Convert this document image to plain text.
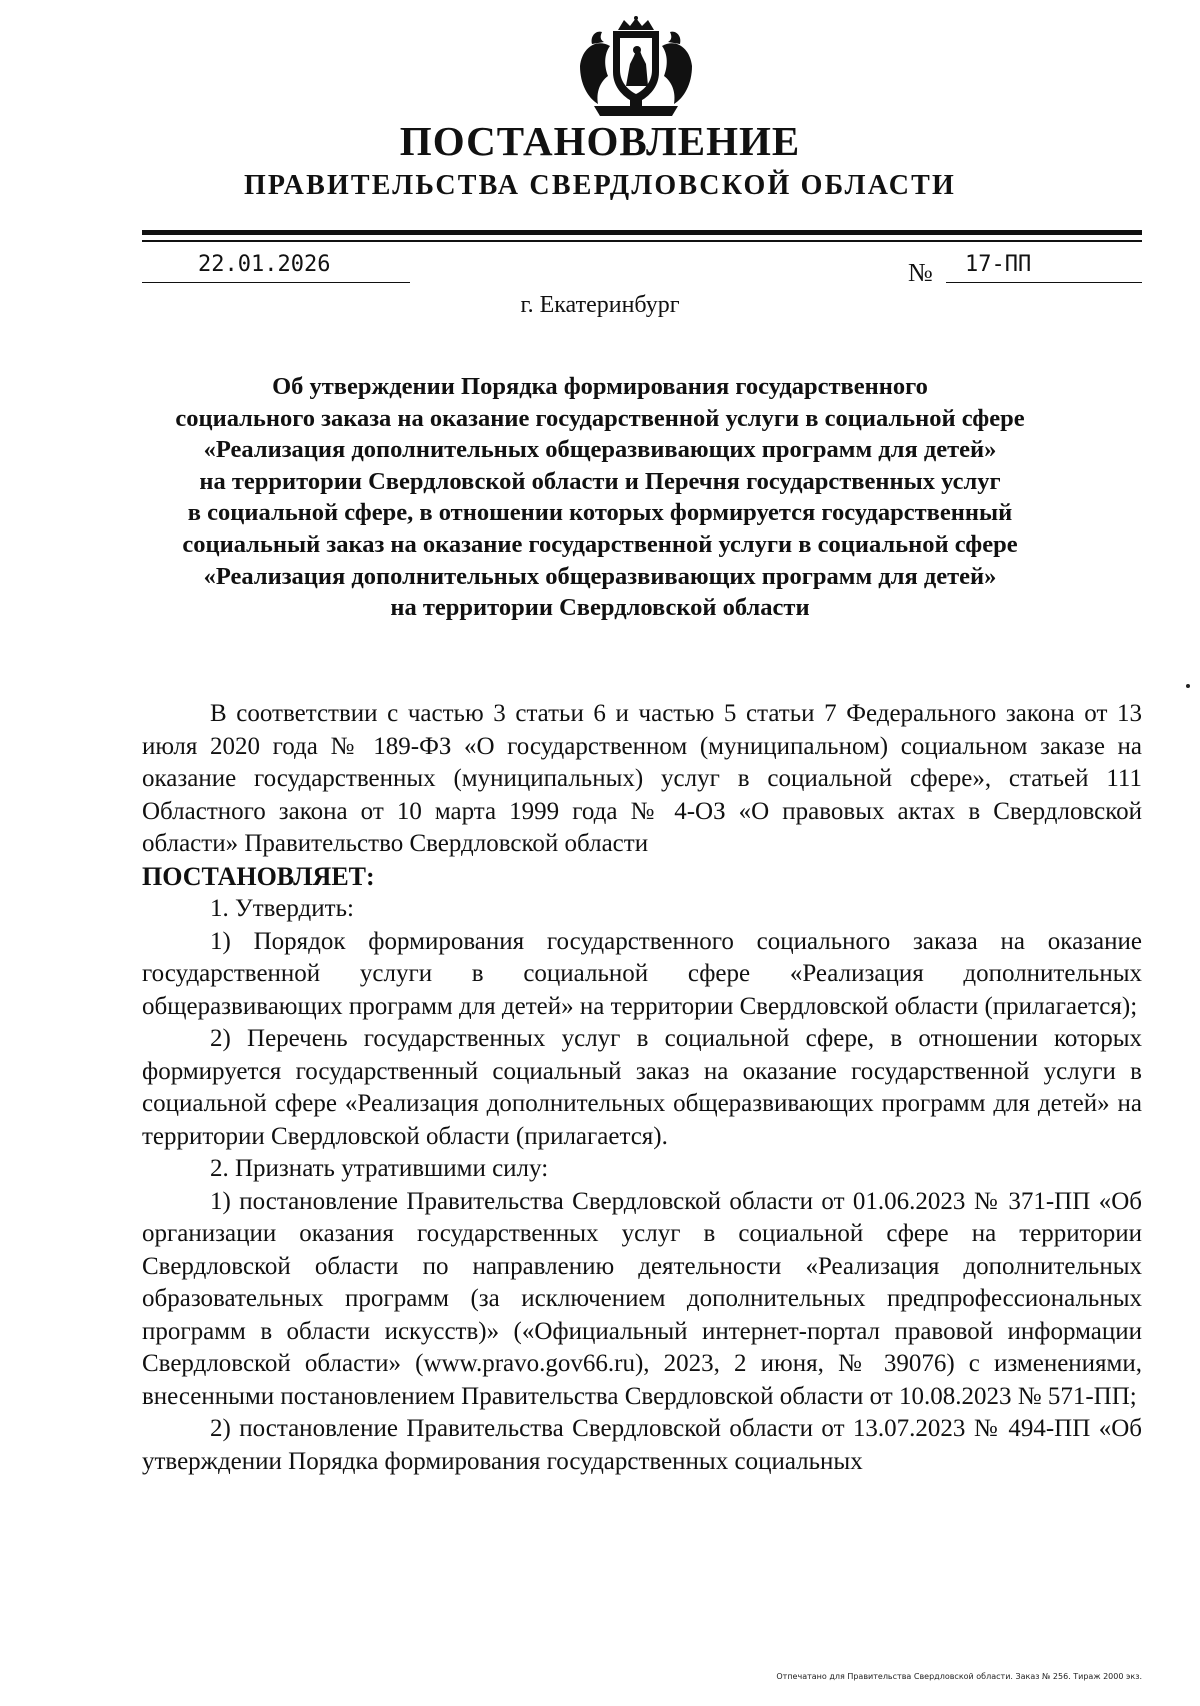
ПОСТАНОВЛЕНИЕ
ПРАВИТЕЛЬСТВА СВЕРДЛОВСКОЙ ОБЛАСТИ
22.01.2026	№ 17-ПП
г. Екатеринбург
Об утверждении Порядка формирования государственного
социального заказа на оказание государственной услуги в социальной сфере
«Реализация дополнительных общеразвивающих программ для детей»
на территории Свердловской области и Перечня государственных услуг
в социальной сфере, в отношении которых формируется государственный
социальный заказ на оказание государственной услуги в социальной сфере
«Реализация дополнительных общеразвивающих программ для детей»
на территории Свердловской области

В соответствии с частью 3 статьи 6 и частью 5 статьи 7 Федерального закона от 13 июля 2020 года № 189-ФЗ «О государственном (муниципальном) социальном заказе на оказание государственных (муниципальных) услуг в социальной сфере», статьей 111 Областного закона от 10 марта 1999 года № 4-ОЗ «О правовых актах в Свердловской области» Правительство Свердловской области

ПОСТАНОВЛЯЕТ:

1. Утвердить:

1) Порядок формирования государственного социального заказа на оказание государственной услуги в социальной сфере «Реализация дополнительных общеразвивающих программ для детей» на территории Свердловской области (прилагается);

2) Перечень государственных услуг в социальной сфере, в отношении которых формируется государственный социальный заказ на оказание государственной услуги в социальной сфере «Реализация дополнительных общеразвивающих программ для детей» на территории Свердловской области (прилагается).

2. Признать утратившими силу:

1) постановление Правительства Свердловской области от 01.06.2023 № 371-ПП «Об организации оказания государственных услуг в социальной сфере на территории Свердловской области по направлению деятельности «Реализация дополнительных образовательных программ (за исключением дополнительных предпрофессиональных программ в области искусств)» («Официальный интернет-портал правовой информации Свердловской области» (www.pravo.gov66.ru), 2023, 2 июня, № 39076) с изменениями, внесенными постановлением Правительства Свердловской области от 10.08.2023 № 571-ПП;

2) постановление Правительства Свердловской области от 13.07.2023 № 494-ПП «Об утверждении Порядка формирования государственных социальных

Отпечатано для Правительства Свердловской области. Заказ № 256. Тираж 2000 экз.
